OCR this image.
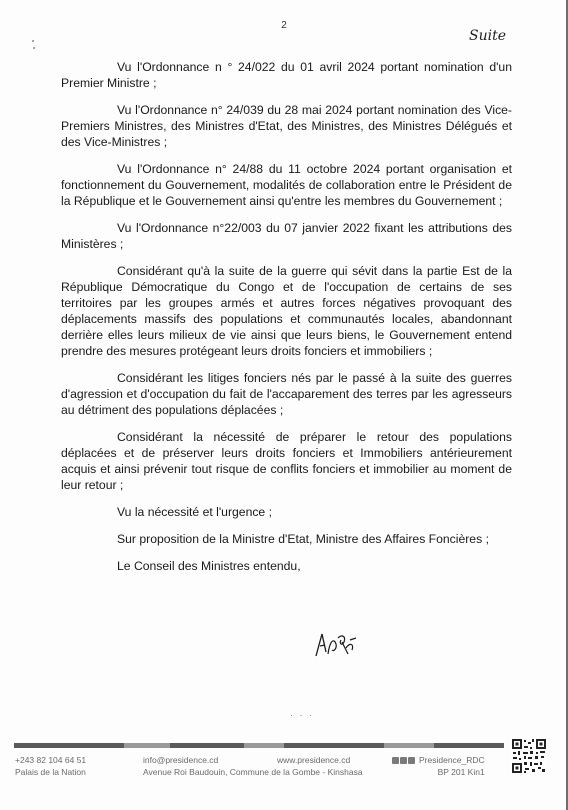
2
Suite

Vu l'Ordonnance n ° 24/022 du 01 avril 2024 portant nomination d'un Premier Ministre ;

Vu l'Ordonnance n° 24/039 du 28 mai 2024 portant nomination des Vice-Premiers Ministres, des Ministres d'Etat, des Ministres, des Ministres Délégués et des Vice-Ministres ;

Vu l'Ordonnance n° 24/88 du 11 octobre 2024 portant organisation et fonctionnement du Gouvernement, modalités de collaboration entre le Président de la République et le Gouvernement ainsi qu'entre les membres du Gouvernement ;

Vu l'Ordonnance n°22/003 du 07 janvier 2022 fixant les attributions des Ministères ;

Considérant qu'à la suite de la guerre qui sévit dans la partie Est de la République Démocratique du Congo et de l'occupation de certains de ses territoires par les groupes armés et autres forces négatives provoquant des déplacements massifs des populations et communautés locales, abandonnant derrière elles leurs milieux de vie ainsi que leurs biens, le Gouvernement entend prendre des mesures protégeant leurs droits fonciers et immobiliers ;

Considérant les litiges fonciers nés par le passé à la suite des guerres d'agression et d'occupation du fait de l'accaparement des terres par les agresseurs au détriment des populations déplacées ;

Considérant la nécessité de préparer le retour des populations déplacées et de préserver leurs droits fonciers et Immobiliers antérieurement acquis et ainsi prévenir tout risque de conflits fonciers et immobilier au moment de leur retour ;

Vu la nécessité et l'urgence ;

Sur proposition de la Ministre d'Etat, Ministre des Affaires Foncières ;

Le Conseil des Ministres entendu,

· · ·
+243 82 104 64 51
Palais de la Nation
info@presidence.cd
Avenue Roi Baudouin, Commune de la Gombe - Kinshasa
www.presidence.cd	Presidence_RDC
BP 201 Kin1
